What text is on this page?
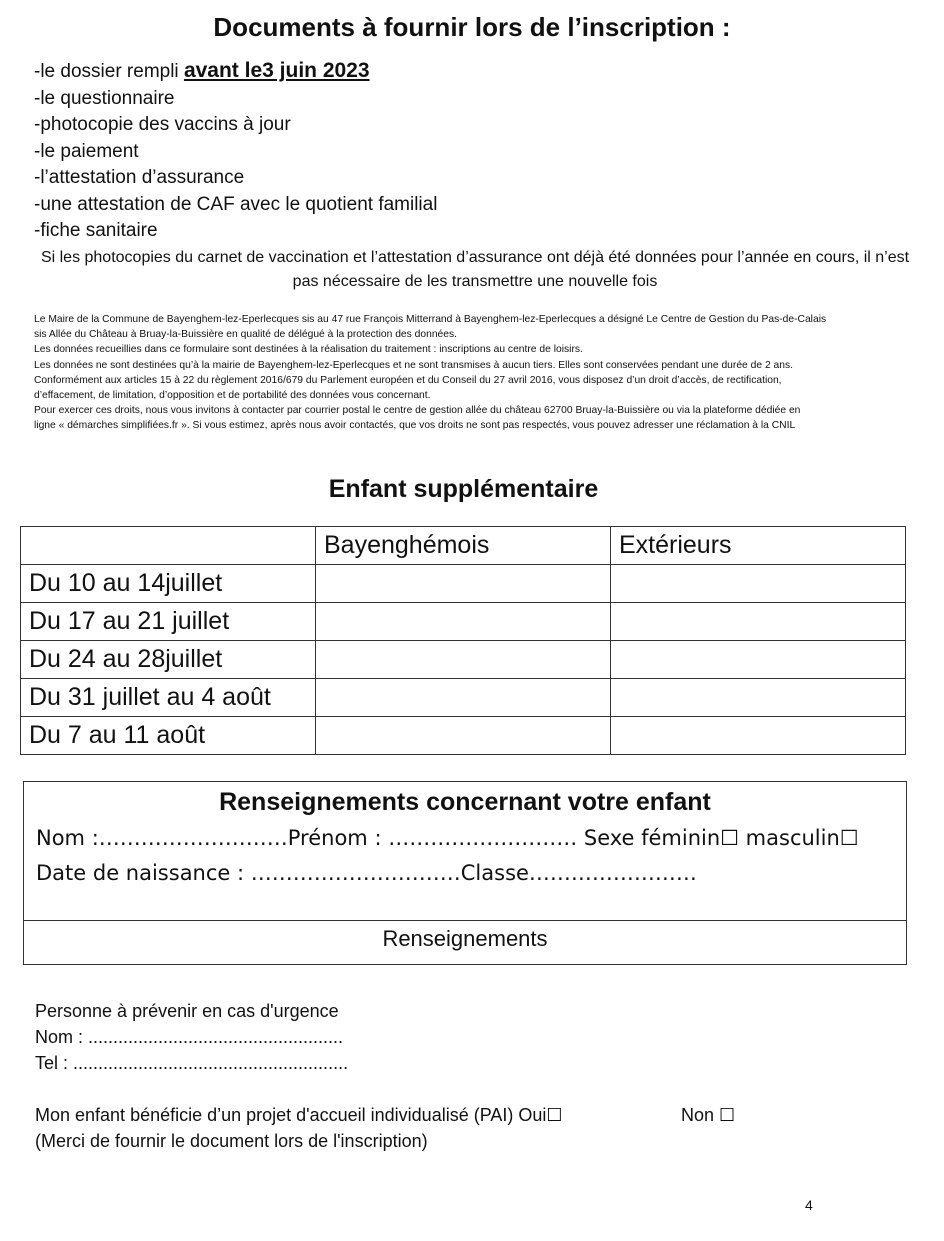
Documents à fournir lors de l’inscription :
-le dossier rempli avant le3 juin 2023
-le questionnaire
-photocopie des vaccins à jour
-le paiement
-l’attestation d’assurance
-une attestation de CAF avec le quotient familial
-fiche sanitaire
Si les photocopies du carnet de vaccination et l’attestation d’assurance ont déjà été données pour l’année en cours, il n’est pas nécessaire de les transmettre une nouvelle fois
Le Maire de la Commune de Bayenghem-lez-Eperlecques sis au 47 rue François Mitterrand à Bayenghem-lez-Eperlecques a désigné Le Centre de Gestion du Pas-de-Calais
sis Allée du Château à Bruay-la-Buissière en qualité de délégué à la protection des données.
Les données recueillies dans ce formulaire sont destinées à la réalisation du traitement : inscriptions au centre de loisirs.
Les données ne sont destinées qu’à la mairie de Bayenghem-lez-Eperlecques et ne sont transmises à aucun tiers. Elles sont conservées pendant une durée de 2 ans.
Conformément aux articles 15 à 22 du règlement 2016/679 du Parlement européen et du Conseil du 27 avril 2016, vous disposez d’un droit d’accès, de rectification,
d’effacement, de limitation, d’opposition et de portabilité des données vous concernant.
Pour exercer ces droits, nous vous invitons à contacter par courrier postal le centre de gestion allée du château 62700 Bruay-la-Buissière ou via la plateforme dédiée en
ligne « démarches simplifiées.fr ». Si vous estimez, après nous avoir contactés, que vos droits ne sont pas respectés, vous pouvez adresser une réclamation à la CNIL
Enfant supplémentaire
	Bayenghémois	Extérieurs
Du 10 au 14juillet		
Du 17 au 21 juillet		
Du 24 au 28juillet		
Du 31 juillet au 4 août		
Du 7 au 11 août		
Renseignements concernant votre enfant
Nom :………………………Prénom : ……………………… Sexe féminin☐ masculin☐
Date de naissance : …………………………Classe……………………
Renseignements
Personne à prévenir en cas d'urgence
Nom : ...................................................
Tel : .......................................................
Mon enfant bénéficie d’un projet d'accueil individualisé (PAI) Oui☐	Non ☐
(Merci de fournir le document lors de l'inscription)
4
